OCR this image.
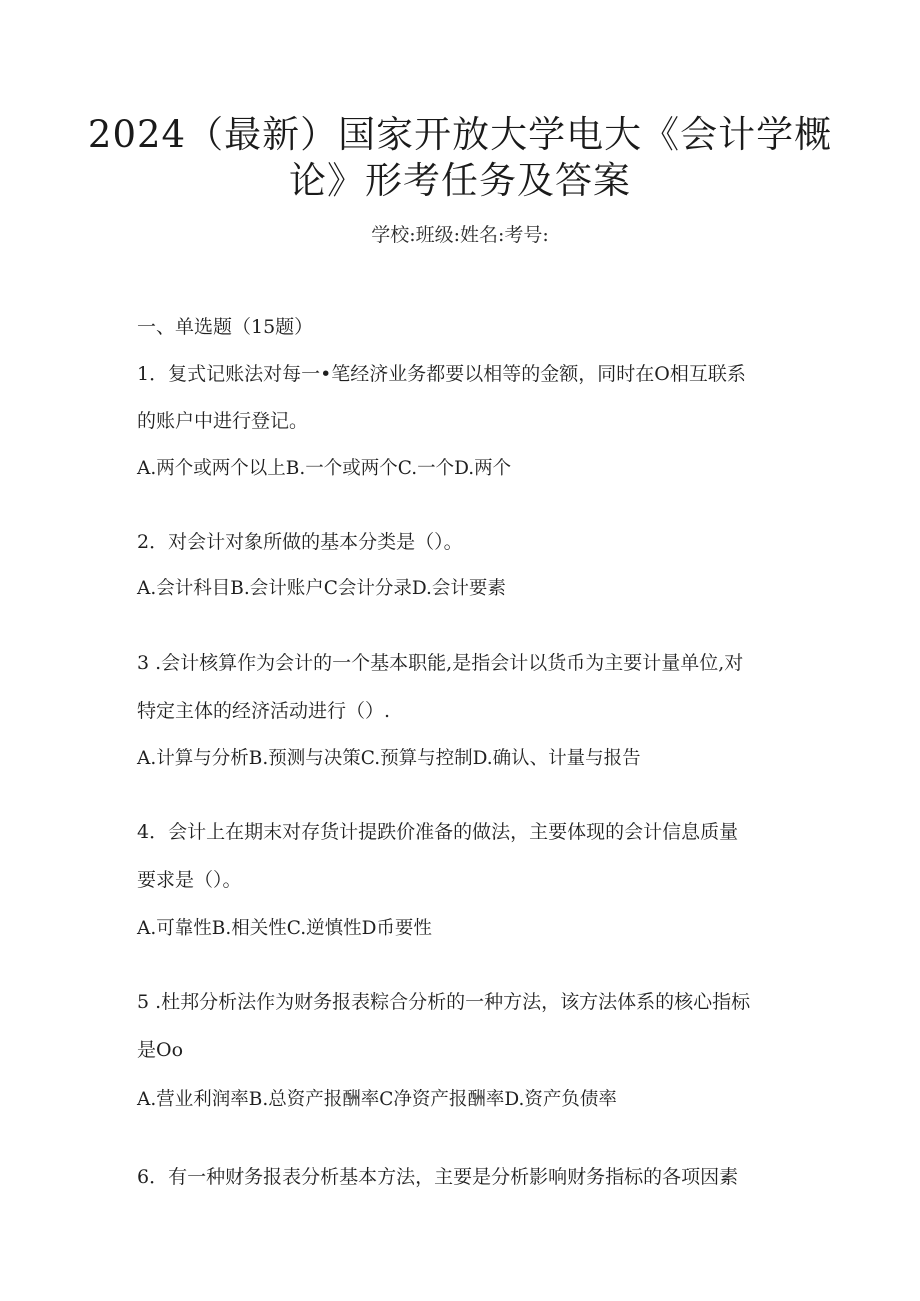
2024（最新）国家开放大学电大《会计学概
论》形考任务及答案
学校:班级:姓名:考号:
一、单选题（15题）
1．复式记账法对每一•笔经济业务都要以相等的金额，同时在O相互联系
的账户中进行登记。
A.两个或两个以上B.一个或两个C.一个D.两个
2．对会计对象所做的基本分类是（）。
A.会计科目B.会计账户C会计分录D.会计要素
3 .会计核算作为会计的一个基本职能,是指会计以货币为主要计量单位,对
特定主体的经济活动进行（）.
A.计算与分析B.预测与决策C.预算与控制D.确认、计量与报告
4．会计上在期末对存货计提跌价准备的做法，主要体现的会计信息质量
要求是（）。
A.可靠性B.相关性C.逆慎性D币要性
5 .杜邦分析法作为财务报表粽合分析的一种方法，该方法体系的核心指标
是Oo
A.营业利润率B.总资产报酬率C净资产报酬率D.资产负债率
6．有一种财务报表分析基本方法，主要是分析影响财务指标的各项因素
